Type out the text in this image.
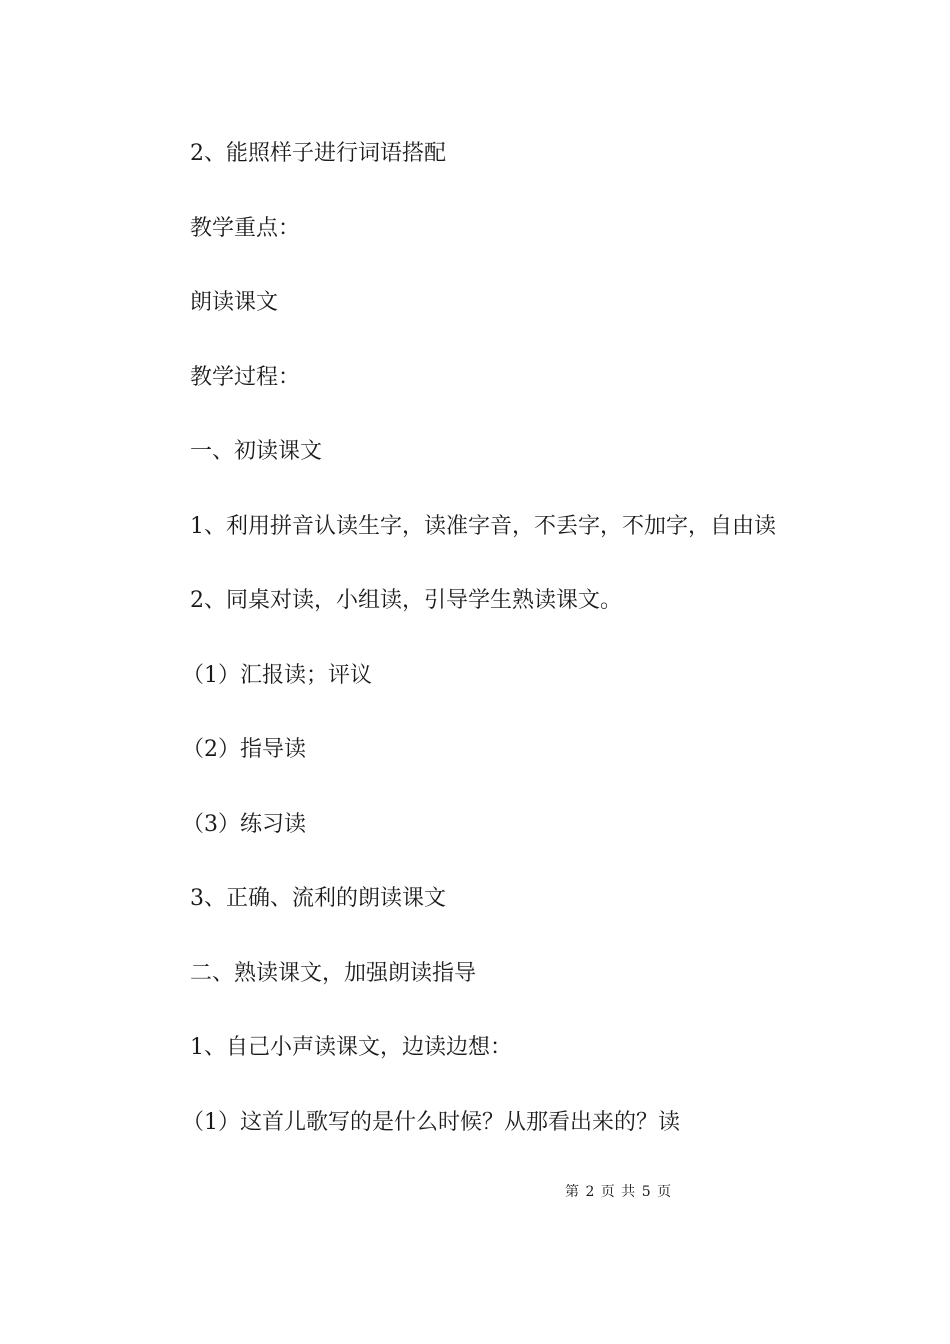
2、能照样子进行词语搭配
教学重点：
朗读课文
教学过程：
一、初读课文
1、利用拼音认读生字，读准字音，不丢字，不加字，自由读
2、同桌对读，小组读，引导学生熟读课文。
（1）汇报读；评议
（2）指导读
（3）练习读
3、正确、流利的朗读课文
二、熟读课文，加强朗读指导
1、自己小声读课文，边读边想：
（1）这首儿歌写的是什么时候？从那看出来的？读
第 2 页 共 5 页
